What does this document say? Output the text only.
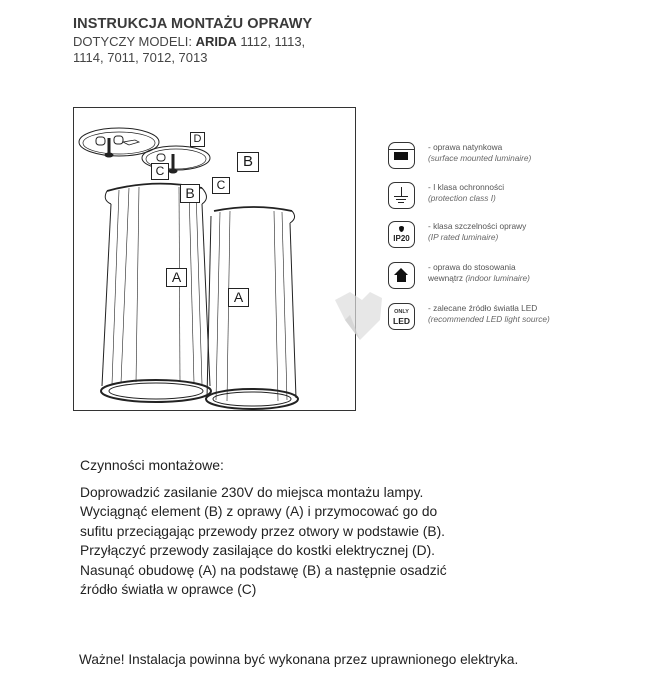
INSTRUKCJA MONTAŻU OPRAWY
DOTYCZY MODELI: ARIDA 1112, 1113,
1114, 7011, 7012, 7013
D
B
C
C
B
A
A
- oprawa natynkowa
(surface mounted luminaire)
- I klasa ochronności
(protection class I)
IP20
- klasa szczelności oprawy
(IP rated luminaire)
- oprawa do stosowania
wewnątrz (indoor luminaire)
ONLY
LED
- zalecane źródło światła LED
(recommended LED light source)
Czynności montażowe:
Doprowadzić zasilanie 230V do miejsca montażu lampy.
Wyciągnąć element (B) z oprawy (A) i przymocować go do
sufitu przeciągając przewody przez otwory w podstawie (B).
Przyłączyć przewody zasilające do kostki elektrycznej (D).
Nasunąć obudowę (A) na podstawę (B) a następnie osadzić
źródło światła w oprawce (C)
Ważne! Instalacja powinna być wykonana przez uprawnionego elektryka.
